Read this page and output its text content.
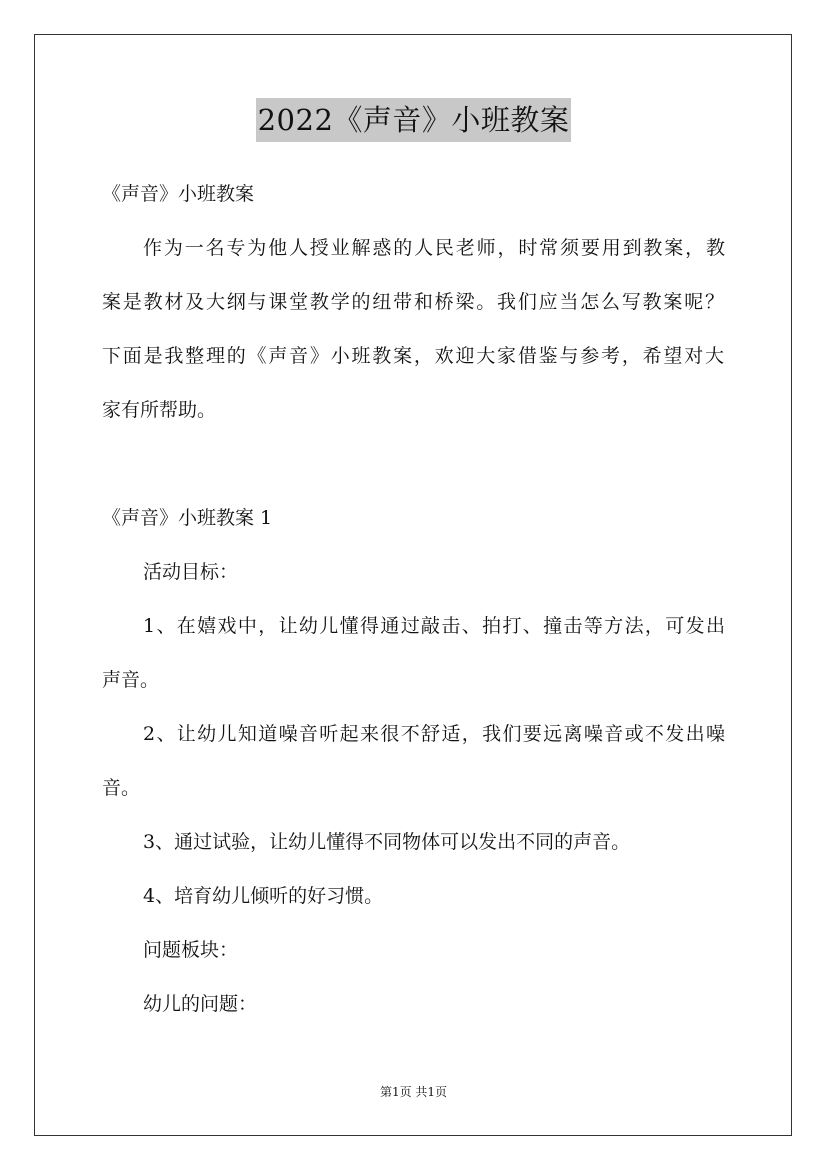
2022《声音》小班教案
《声音》小班教案
作为一名专为他人授业解惑的人民老师，时常须要用到教案，教
案是教材及大纲与课堂教学的纽带和桥梁。我们应当怎么写教案呢？
下面是我整理的《声音》小班教案，欢迎大家借鉴与参考，希望对大
家有所帮助。
《声音》小班教案 1
活动目标：
1、在嬉戏中，让幼儿懂得通过敲击、拍打、撞击等方法，可发出
声音。
2、让幼儿知道噪音听起来很不舒适，我们要远离噪音或不发出噪
音。
3、通过试验，让幼儿懂得不同物体可以发出不同的声音。
4、培育幼儿倾听的好习惯。
问题板块：
幼儿的问题：
第1页 共1页
